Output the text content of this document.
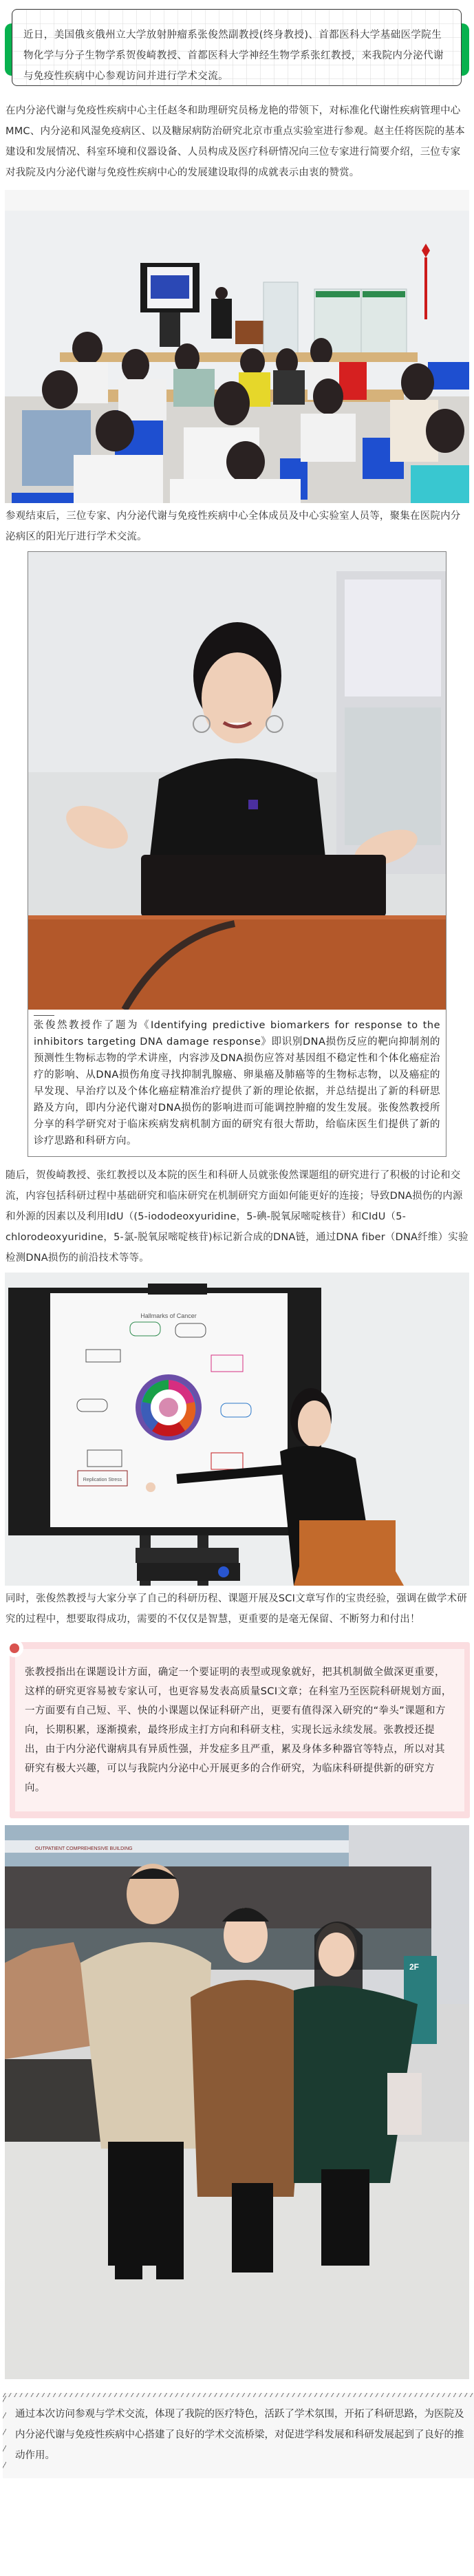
近日，美国俄亥俄州立大学放射肿瘤系张俊然副教授(终身教授)、首都医科大学基础医学院生物化学与分子生物学系贺俊崎教授、首都医科大学神经生物学系张红教授，来我院内分泌代谢与免疫性疾病中心参观访问并进行学术交流。

在内分泌代谢与免疫性疾病中心主任赵冬和助理研究员杨龙艳的带领下，对标准化代谢性疾病管理中心MMC、内分泌和风湿免疫病区、以及糖尿病防治研究北京市重点实验室进行参观。赵主任将医院的基本建设和发展情况、科室环境和仪器设备、人员构成及医疗科研情况向三位专家进行简要介绍，三位专家对我院及内分泌代谢与免疫性疾病中心的发展建设取得的成就表示由衷的赞赏。

参观结束后，三位专家、内分泌代谢与免疫性疾病中心全体成员及中心实验室人员等，聚集在医院内分泌病区的阳光厅进行学术交流。

张俊然教授作了题为《Identifying predictive biomarkers for response to the inhibitors targeting DNA damage response》即识别DNA损伤反应的靶向抑制剂的预测性生物标志物的学术讲座，内容涉及DNA损伤应答对基因组不稳定性和个体化癌症治疗的影响、从DNA损伤角度寻找抑制乳腺癌、卵巢癌及肺癌等的生物标志物，以及癌症的早发现、早治疗以及个体化癌症精准治疗提供了新的理论依据，并总结提出了新的科研思路及方向，即内分泌代谢对DNA损伤的影响进而可能调控肿瘤的发生发展。张俊然教授所分享的科学研究对于临床疾病发病机制方面的研究有很大帮助，给临床医生们提供了新的诊疗思路和科研方向。

随后，贺俊崎教授、张红教授以及本院的医生和科研人员就张俊然课题组的研究进行了积极的讨论和交流，内容包括科研过程中基础研究和临床研究在机制研究方面如何能更好的连接；导致DNA损伤的内源和外源的因素以及利用IdU（(5-iododeoxyuridine，5-碘-脱氧尿嘧啶核苷）和CIdU（5-chlorodeoxyuridine，5-氯-脱氧尿嘧啶核苷)标记新合成的DNA链，通过DNA fiber（DNA纤维）实验检测DNA损伤的前沿技术等等。

Hallmarks of Cancer
Replication Stress

同时，张俊然教授与大家分享了自己的科研历程、课题开展及SCI文章写作的宝贵经验，强调在做学术研究的过程中，想要取得成功，需要的不仅仅是智慧，更重要的是毫无保留、不断努力和付出！

张教授指出在课题设计方面，确定一个要证明的表型或现象就好，把其机制做全做深更重要，这样的研究更容易被专家认可，也更容易发表高质量SCI文章；在科室乃至医院科研规划方面，一方面要有自己短、平、快的小课题以保证科研产出，更要有值得深入研究的“拳头”课题和方向，长期积累，逐渐摸索，最终形成主打方向和科研支柱，实现长远永续发展。张教授还提出，由于内分泌代谢病具有异质性强，并发症多且严重，累及身体多种器官等特点，所以对其研究有极大兴趣，可以与我院内分泌中心开展更多的合作研究，为临床科研提供新的研究方向。

OUTPATIENT COMPREHENSIVE BUILDING
2F

通过本次访问参观与学术交流，体现了我院的医疗特色，活跃了学术氛围，开拓了科研思路，为医院及内分泌代谢与免疫性疾病中心搭建了良好的学术交流桥梁，对促进学科发展和科研发展起到了良好的推动作用。
